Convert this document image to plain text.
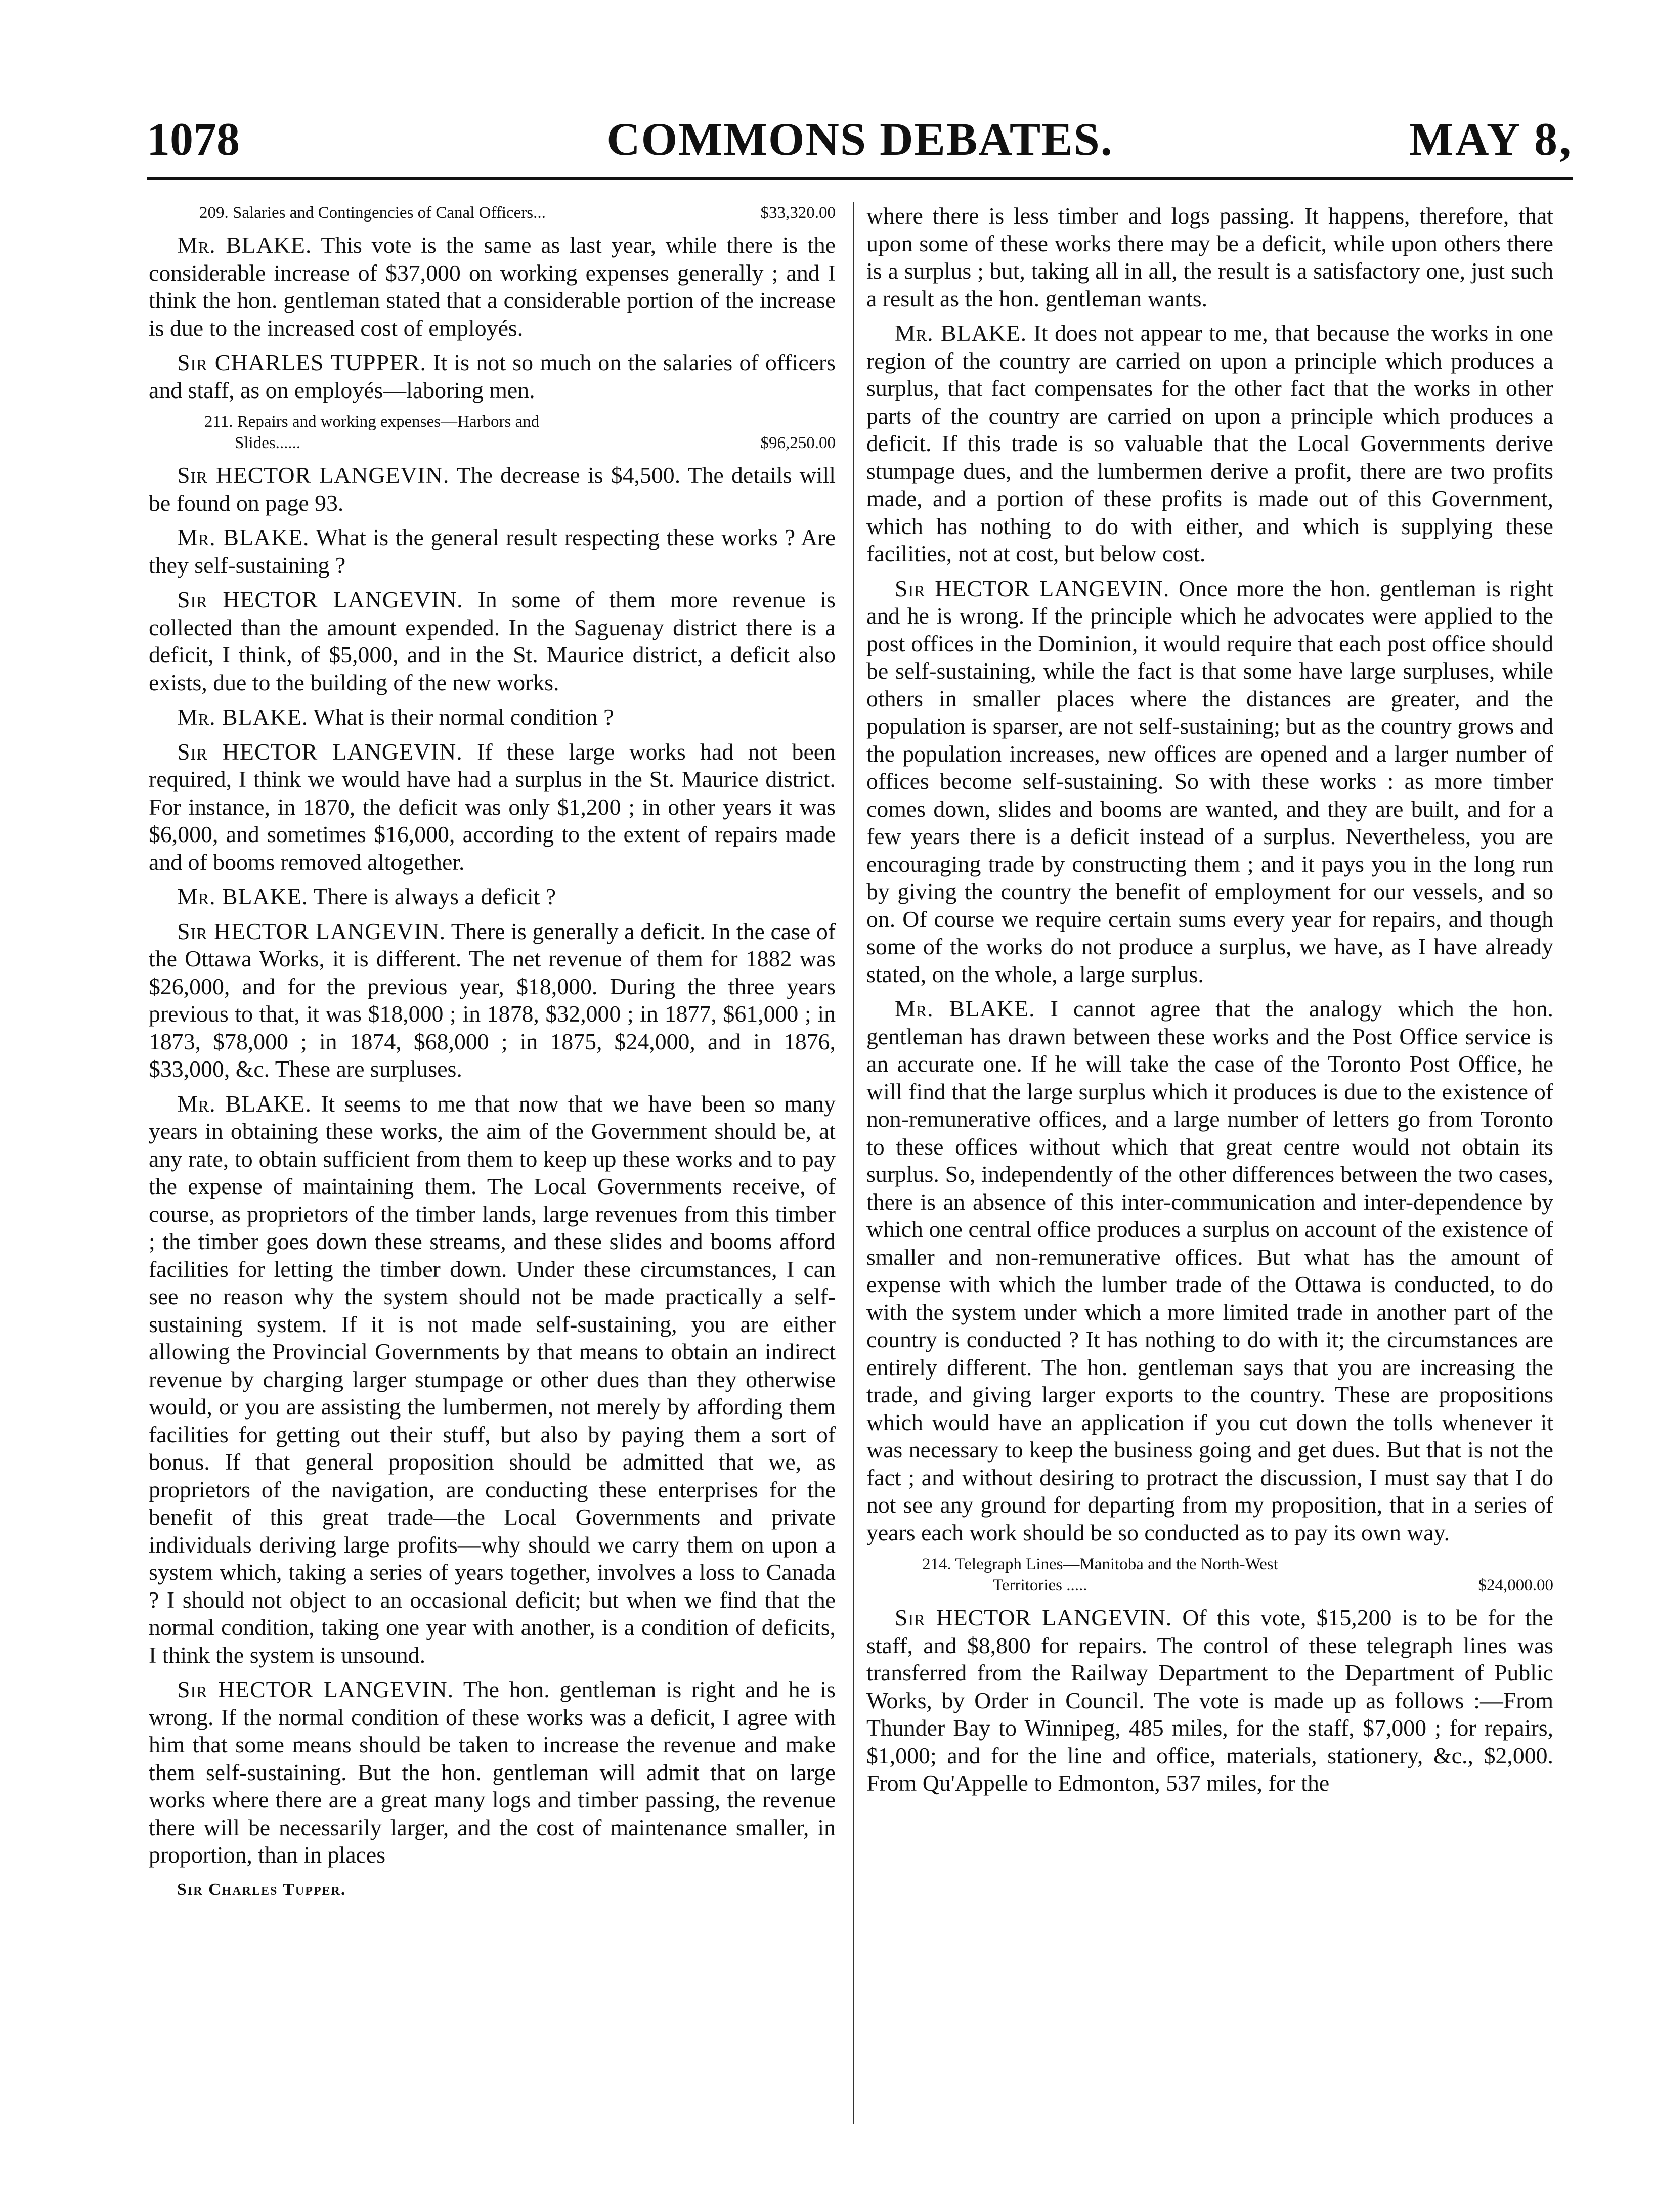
1078	COMMONS DEBATES.	MAY 8,
209. Salaries and Contingencies of Canal Officers...	$33,320.00

Mr. BLAKE. This vote is the same as last year, while there is the considerable increase of $37,000 on working expenses generally ; and I think the hon. gentleman stated that a considerable portion of the increase is due to the increased cost of employés.

Sir CHARLES TUPPER. It is not so much on the salaries of officers and staff, as on employés—laboring men.

211. Repairs and working expenses—Harbors and
Slides......	$96,250.00

Sir HECTOR LANGEVIN. The decrease is $4,500. The details will be found on page 93.

Mr. BLAKE. What is the general result respecting these works ? Are they self-sustaining ?

Sir HECTOR LANGEVIN. In some of them more revenue is collected than the amount expended. In the Saguenay district there is a deficit, I think, of $5,000, and in the St. Maurice district, a deficit also exists, due to the building of the new works.

Mr. BLAKE. What is their normal condition ?

Sir HECTOR LANGEVIN. If these large works had not been required, I think we would have had a surplus in the St. Maurice district. For instance, in 1870, the deficit was only $1,200 ; in other years it was $6,000, and sometimes $16,000, according to the extent of repairs made and of booms removed altogether.

Mr. BLAKE. There is always a deficit ?

Sir HECTOR LANGEVIN. There is generally a deficit. In the case of the Ottawa Works, it is different. The net revenue of them for 1882 was $26,000, and for the previous year, $18,000. During the three years previous to that, it was $18,000 ; in 1878, $32,000 ; in 1877, $61,000 ; in 1873, $78,000 ; in 1874, $68,000 ; in 1875, $24,000, and in 1876, $33,000, &c. These are surpluses.

Mr. BLAKE. It seems to me that now that we have been so many years in obtaining these works, the aim of the Government should be, at any rate, to obtain sufficient from them to keep up these works and to pay the expense of maintaining them. The Local Governments receive, of course, as proprietors of the timber lands, large revenues from this timber ; the timber goes down these streams, and these slides and booms afford facilities for letting the timber down. Under these circumstances, I can see no reason why the system should not be made practically a self-sustaining system. If it is not made self-sustaining, you are either allowing the Provincial Governments by that means to obtain an indirect revenue by charging larger stumpage or other dues than they otherwise would, or you are assisting the lumbermen, not merely by affording them facilities for getting out their stuff, but also by paying them a sort of bonus. If that general proposition should be admitted that we, as proprietors of the navigation, are conducting these enterprises for the benefit of this great trade—the Local Governments and private individuals deriving large profits—why should we carry them on upon a system which, taking a series of years together, involves a loss to Canada ? I should not object to an occasional deficit; but when we find that the normal condition, taking one year with another, is a condition of deficits, I think the system is unsound.

Sir HECTOR LANGEVIN. The hon. gentleman is right and he is wrong. If the normal condition of these works was a deficit, I agree with him that some means should be taken to increase the revenue and make them self-sustaining. But the hon. gentleman will admit that on large works where there are a great many logs and timber passing, the revenue there will be necessarily larger, and the cost of maintenance smaller, in proportion, than in places

Sir Charles Tupper.

where there is less timber and logs passing. It happens, therefore, that upon some of these works there may be a deficit, while upon others there is a surplus ; but, taking all in all, the result is a satisfactory one, just such a result as the hon. gentleman wants.

Mr. BLAKE. It does not appear to me, that because the works in one region of the country are carried on upon a principle which produces a surplus, that fact compensates for the other fact that the works in other parts of the country are carried on upon a principle which produces a deficit. If this trade is so valuable that the Local Governments derive stumpage dues, and the lumbermen derive a profit, there are two profits made, and a portion of these profits is made out of this Government, which has nothing to do with either, and which is supplying these facilities, not at cost, but below cost.

Sir HECTOR LANGEVIN. Once more the hon. gentleman is right and he is wrong. If the principle which he advocates were applied to the post offices in the Dominion, it would require that each post office should be self-sustaining, while the fact is that some have large surpluses, while others in smaller places where the distances are greater, and the population is sparser, are not self-sustaining; but as the country grows and the population increases, new offices are opened and a larger number of offices become self-sustaining. So with these works : as more timber comes down, slides and booms are wanted, and they are built, and for a few years there is a deficit instead of a surplus. Nevertheless, you are encouraging trade by constructing them ; and it pays you in the long run by giving the country the benefit of employment for our vessels, and so on. Of course we require certain sums every year for repairs, and though some of the works do not produce a surplus, we have, as I have already stated, on the whole, a large surplus.

Mr. BLAKE. I cannot agree that the analogy which the hon. gentleman has drawn between these works and the Post Office service is an accurate one. If he will take the case of the Toronto Post Office, he will find that the large surplus which it produces is due to the existence of non-remunerative offices, and a large number of letters go from Toronto to these offices without which that great centre would not obtain its surplus. So, independently of the other differences between the two cases, there is an absence of this inter-communication and inter-dependence by which one central office produces a surplus on account of the existence of smaller and non-remunerative offices. But what has the amount of expense with which the lumber trade of the Ottawa is conducted, to do with the system under which a more limited trade in another part of the country is conducted ? It has nothing to do with it; the circumstances are entirely different. The hon. gentleman says that you are increasing the trade, and giving larger exports to the country. These are propositions which would have an application if you cut down the tolls whenever it was necessary to keep the business going and get dues. But that is not the fact ; and without desiring to protract the discussion, I must say that I do not see any ground for departing from my proposition, that in a series of years each work should be so conducted as to pay its own way.

214. Telegraph Lines—Manitoba and the North-West
Territories .....	$24,000.00

Sir HECTOR LANGEVIN. Of this vote, $15,200 is to be for the staff, and $8,800 for repairs. The control of these telegraph lines was transferred from the Railway Department to the Department of Public Works, by Order in Council. The vote is made up as follows :—From Thunder Bay to Winnipeg, 485 miles, for the staff, $7,000 ; for repairs, $1,000; and for the line and office, materials, stationery, &c., $2,000. From Qu'Appelle to Edmonton, 537 miles, for the
